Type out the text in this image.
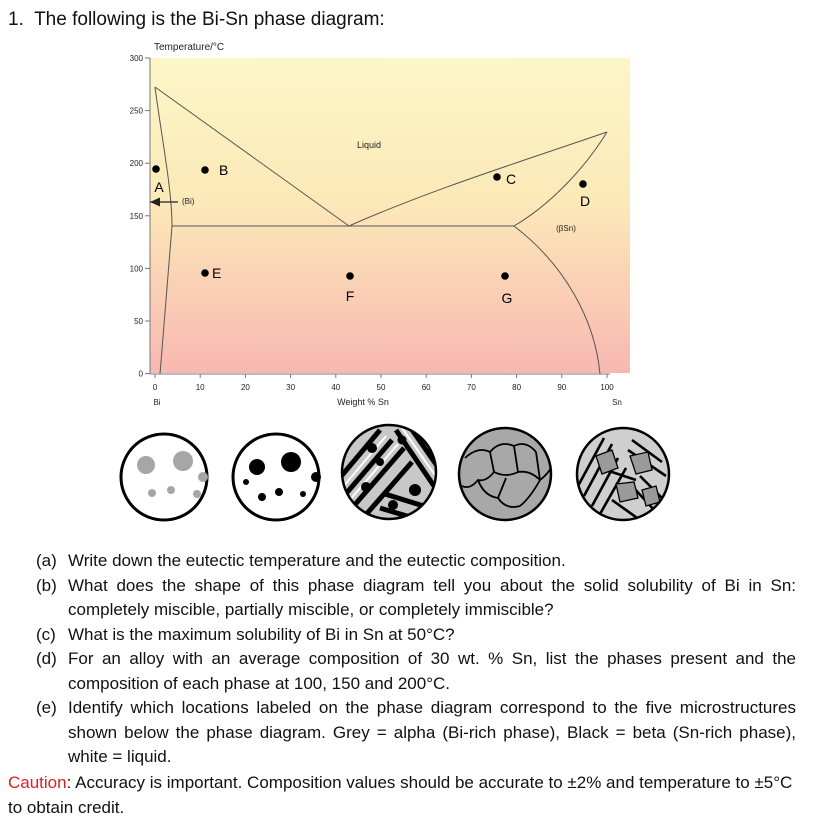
1. The following is the Bi-Sn phase diagram:
300
250
200
150
100
50
0
0	10	20	30	40	50	60	70	80	90	100
Temperature/°C
Weight % Sn
Bi	Sn
Liquid
(Bi)
(βSn)
A
B
C
D
E
F	G
(a) Write down the eutectic temperature and the eutectic composition.
(b) What does the shape of this phase diagram tell you about the solid solubility of Bi in Sn: completely miscible, partially miscible, or completely immiscible?
(c) What is the maximum solubility of Bi in Sn at 50°C?
(d) For an alloy with an average composition of 30 wt. % Sn, list the phases present and the composition of each phase at 100, 150 and 200°C.
(e) Identify which locations labeled on the phase diagram correspond to the five microstructures shown below the phase diagram. Grey = alpha (Bi-rich phase), Black = beta (Sn-rich phase), white = liquid.
Caution: Accuracy is important. Composition values should be accurate to ±2% and temperature to ±5°C to obtain credit.
